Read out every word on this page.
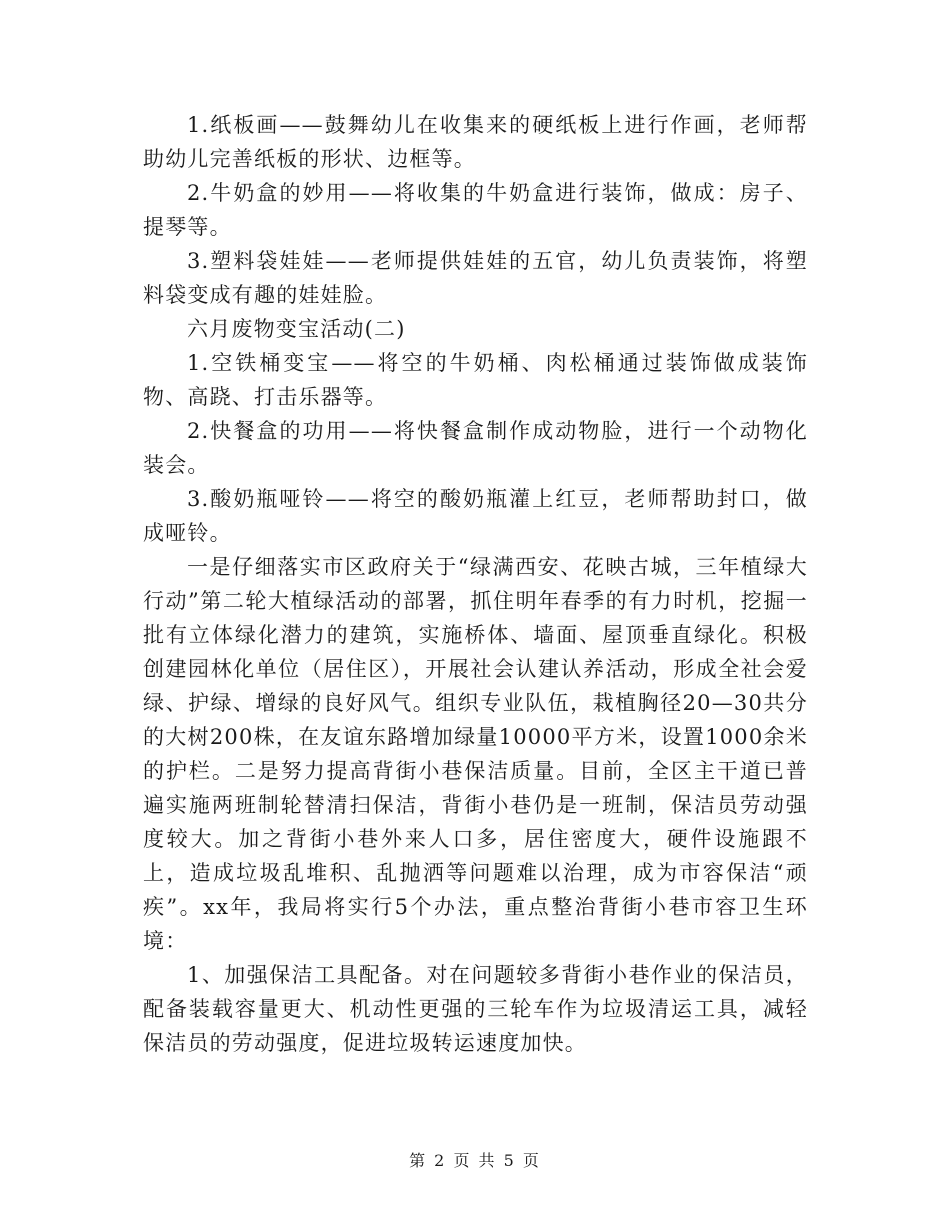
1.纸板画——鼓舞幼儿在收集来的硬纸板上进行作画，老师帮助幼儿完善纸板的形状、边框等。

2.牛奶盒的妙用——将收集的牛奶盒进行装饰，做成：房子、提琴等。

3.塑料袋娃娃——老师提供娃娃的五官，幼儿负责装饰，将塑料袋变成有趣的娃娃脸。

六月废物变宝活动(二)

1.空铁桶变宝——将空的牛奶桶、肉松桶通过装饰做成装饰物、高跷、打击乐器等。

2.快餐盒的功用——将快餐盒制作成动物脸，进行一个动物化装会。

3.酸奶瓶哑铃——将空的酸奶瓶灌上红豆，老师帮助封口，做成哑铃。

一是仔细落实市区政府关于“绿满西安、花映古城，三年植绿大行动”第二轮大植绿活动的部署，抓住明年春季的有力时机，挖掘一批有立体绿化潜力的建筑，实施桥体、墙面、屋顶垂直绿化。积极创建园林化单位（居住区），开展社会认建认养活动，形成全社会爱绿、护绿、增绿的良好风气。组织专业队伍，栽植胸径20—30共分的大树200株，在友谊东路增加绿量10000平方米，设置1000余米的护栏。二是努力提高背街小巷保洁质量。目前，全区主干道已普遍实施两班制轮替清扫保洁，背街小巷仍是一班制，保洁员劳动强度较大。加之背街小巷外来人口多，居住密度大，硬件设施跟不上，造成垃圾乱堆积、乱抛洒等问题难以治理，成为市容保洁“顽疾”。xx年，我局将实行5个办法，重点整治背街小巷市容卫生环境：

1、加强保洁工具配备。对在问题较多背街小巷作业的保洁员，配备装载容量更大、机动性更强的三轮车作为垃圾清运工具，减轻保洁员的劳动强度，促进垃圾转运速度加快。

第 2 页 共 5 页
